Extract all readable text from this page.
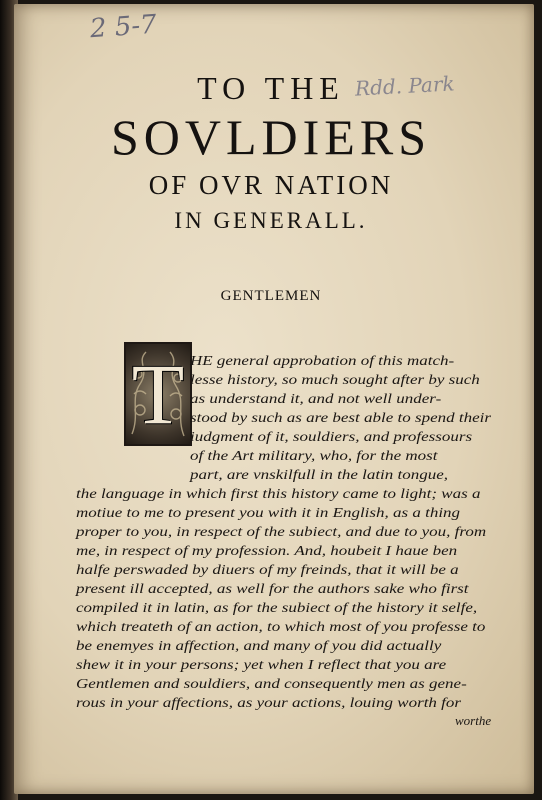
2 5-7
Rdd. Park
TO THE
SOVLDIERS
OF OVR NATION
IN GENERALL.
GENTLEMEN
T HE general approbation of this match-
lesse history, so much sought after by such
as understand it, and not well under-
stood by such as are best able to spend their
iudgment of it, souldiers, and professours
of the Art military, who, for the most
part, are vnskilfull in the latin tongue,
the language in which first this history came to light; was a
motiue to me to present you with it in English, as a thing
proper to you, in respect of the subiect, and due to you, from
me, in respect of my profession. And, houbeit I haue ben
halfe perswaded by diuers of my freinds, that it will be a
present ill accepted, as well for the authors sake who first
compiled it in latin, as for the subiect of the history it selfe,
which treateth of an action, to which most of you professe to
be enemyes in affection, and many of you did actually
shew it in your persons; yet when I reflect that you are
Gentlemen and souldiers, and consequently men as gene-
rous in your affections, as your actions, louing worth for
worthe
